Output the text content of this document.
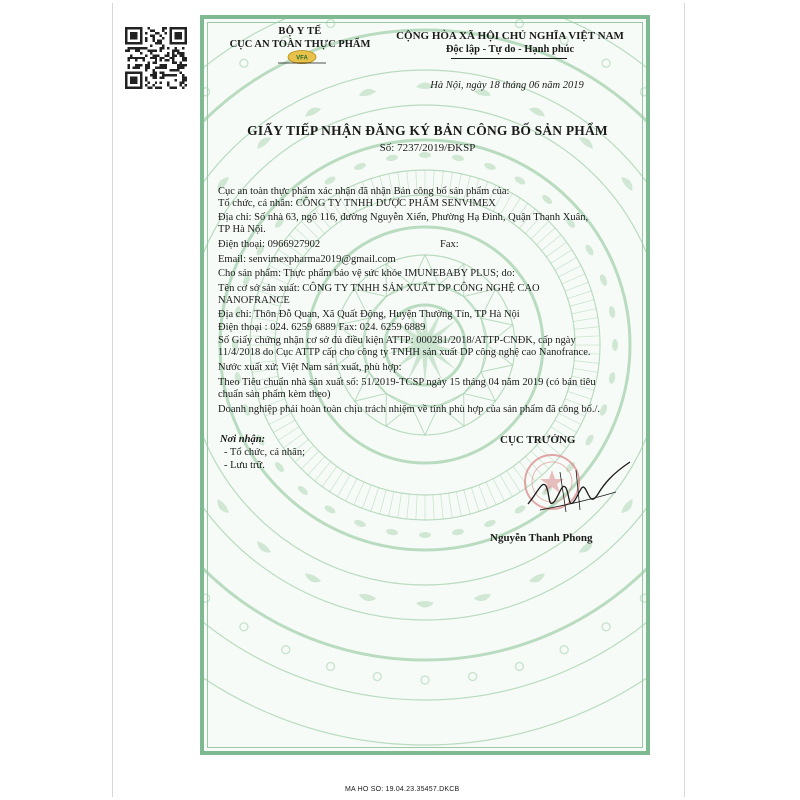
BỘ Y TẾ
CỤC AN TOÀN THỰC PHẨM
VFA
CỘNG HÒA XÃ HỘI CHỦ NGHĨA VIỆT NAM
Độc lập - Tự do - Hạnh phúc
Hà Nội, ngày 18 tháng 06 năm 2019
GIẤY TIẾP NHẬN ĐĂNG KÝ BẢN CÔNG BỐ SẢN PHẨM
Số: 7237/2019/ĐKSP
Cục an toàn thực phẩm xác nhận đã nhận Bản công bố sản phẩm của:
Tổ chức, cá nhân: CÔNG TY TNHH DƯỢC PHẨM SENVIMEX
Địa chỉ: Số nhà 63, ngõ 116, đường Nguyễn Xiển, Phường Hạ Đình, Quận Thanh Xuân,
TP Hà Nội.
Điện thoại: 0966927902	Fax:
Email: senvimexpharma2019@gmail.com
Cho sản phẩm: Thực phẩm bảo vệ sức khỏe IMUNEBABY PLUS; do:
Tên cơ sở sản xuất: CÔNG TY TNHH SẢN XUẤT DP CÔNG NGHỆ CAO
NANOFRANCE
Địa chỉ: Thôn Đỗ Quan, Xã Quất Động, Huyện Thường Tín, TP Hà Nội
Điện thoại : 024. 6259 6889 Fax: 024. 6259 6889
Số Giấy chứng nhận cơ sở đủ điều kiện ATTP: 000281/2018/ATTP-CNĐK, cấp ngày
11/4/2018 do Cục ATTP cấp cho công ty TNHH sản xuất DP công nghệ cao Nanofrance.
Nước xuất xứ: Việt Nam sản xuất, phù hợp:
Theo Tiêu chuẩn nhà sản xuất số: 51/2019-TCSP ngày 15 tháng 04 năm 2019 (có bản tiêu
chuẩn sản phẩm kèm theo)
Doanh nghiệp phải hoàn toàn chịu trách nhiệm về tính phù hợp của sản phẩm đã công bố./.
Nơi nhận:
- Tổ chức, cá nhân;
- Lưu trữ.
CỤC TRƯỞNG
Nguyễn Thanh Phong
MA HO SO: 19.04.23.35457.DKCB
